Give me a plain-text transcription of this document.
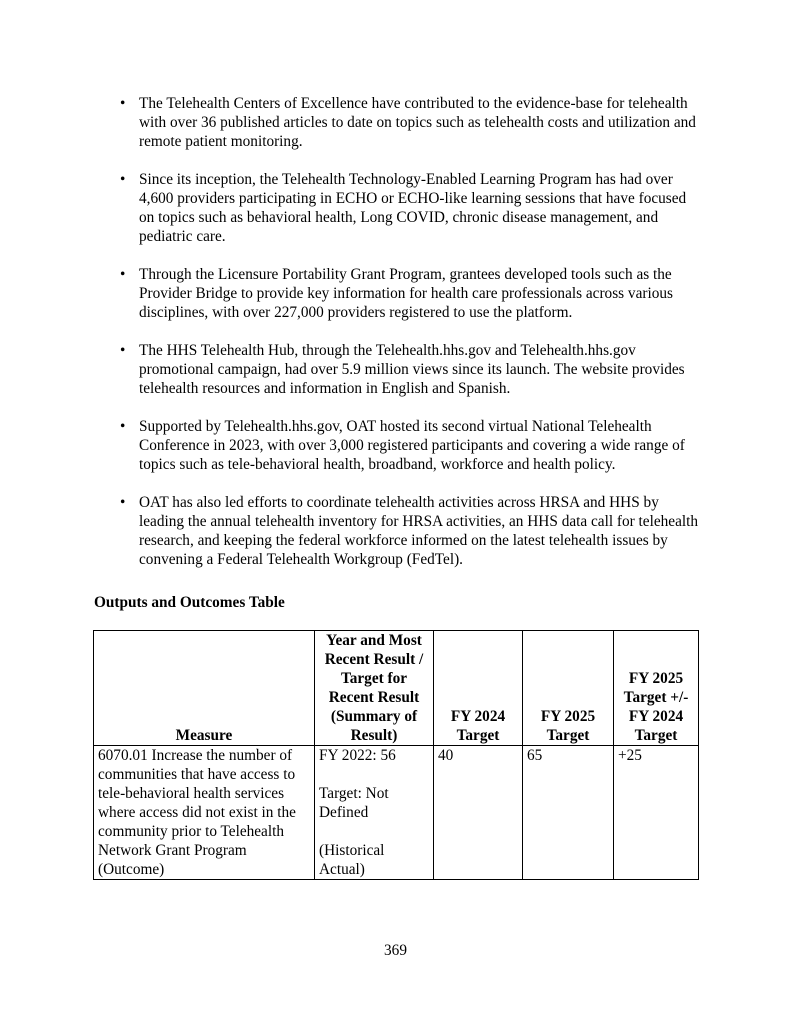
• The Telehealth Centers of Excellence have contributed to the evidence-base for telehealth with over 36 published articles to date on topics such as telehealth costs and utilization and remote patient monitoring.
• Since its inception, the Telehealth Technology-Enabled Learning Program has had over 4,600 providers participating in ECHO or ECHO-like learning sessions that have focused on topics such as behavioral health, Long COVID, chronic disease management, and pediatric care.
• Through the Licensure Portability Grant Program, grantees developed tools such as the Provider Bridge to provide key information for health care professionals across various disciplines, with over 227,000 providers registered to use the platform.
• The HHS Telehealth Hub, through the Telehealth.hhs.gov and Telehealth.hhs.gov promotional campaign, had over 5.9 million views since its launch. The website provides telehealth resources and information in English and Spanish.
• Supported by Telehealth.hhs.gov, OAT hosted its second virtual National Telehealth Conference in 2023, with over 3,000 registered participants and covering a wide range of topics such as tele-behavioral health, broadband, workforce and health policy.
• OAT has also led efforts to coordinate telehealth activities across HRSA and HHS by leading the annual telehealth inventory for HRSA activities, an HHS data call for telehealth research, and keeping the federal workforce informed on the latest telehealth issues by convening a Federal Telehealth Workgroup (FedTel).
Outputs and Outcomes Table
Measure	Year and Most Recent Result / Target for Recent Result (Summary of Result)	FY 2024 Target	FY 2025 Target	FY 2025 Target +/- FY 2024 Target
6070.01 Increase the number of communities that have access to tele-behavioral health services where access did not exist in the community prior to Telehealth Network Grant Program (Outcome)	FY 2022: 56
Target: Not Defined
(Historical Actual)	40	65	+25
369
